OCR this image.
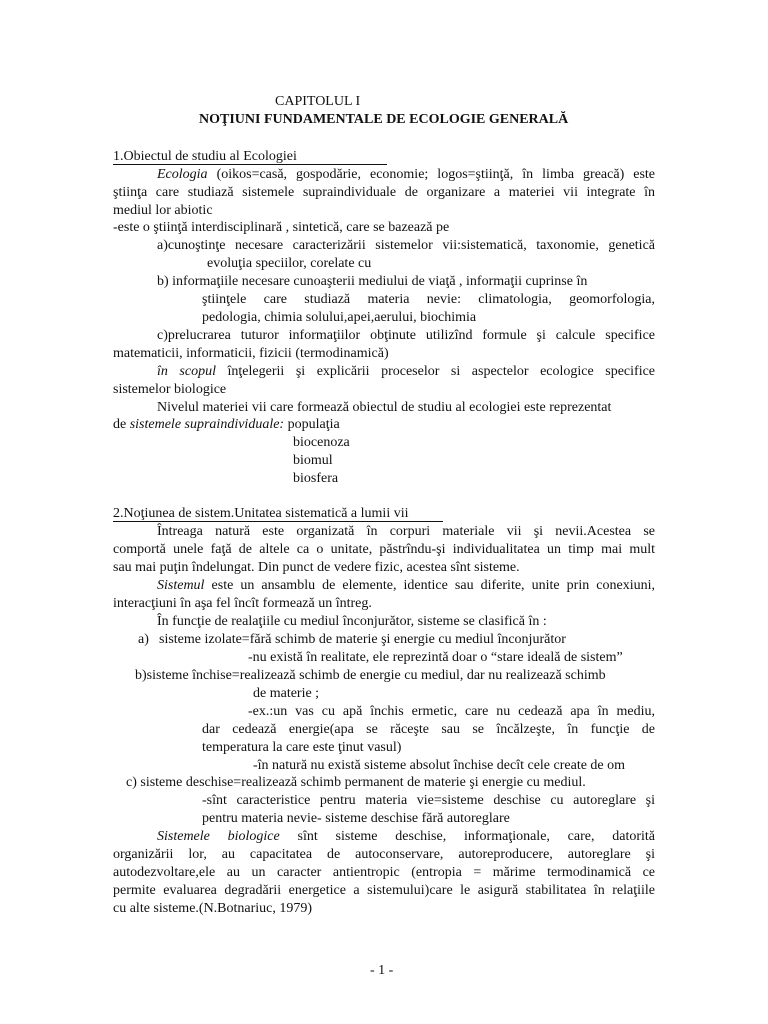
CAPITOLUL I
NOŢIUNI FUNDAMENTALE DE ECOLOGIE GENERALĂ
1.Obiectul de studiu al Ecologiei
Ecologia (oikos=casă, gospodărie, economie; logos=ştiinţă, în limba greacă) este
ştiinţa care studiază sistemele supraindividuale de organizare a materiei vii integrate în
mediul lor abiotic
-este o ştiinţă interdisciplinară , sintetică, care se bazează pe
a)cunoştinţe necesare caracterizării sistemelor vii:sistematică, taxonomie, genetică
evoluţia speciilor, corelate cu
b) informaţiile necesare cunoaşterii mediului de viaţă , informaţii cuprinse în
ştiinţele care studiază materia nevie: climatologia, geomorfologia,
pedologia, chimia solului,apei,aerului, biochimia
c)prelucrarea tuturor informaţiilor obţinute utilizînd formule şi calcule specifice
matematicii, informaticii, fizicii (termodinamică)
în scopul înţelegerii şi explicării proceselor si aspectelor ecologice specifice
sistemelor biologice
Nivelul materiei vii care formează obiectul de studiu al ecologiei este reprezentat
de sistemele supraindividuale: populaţia
biocenoza
biomul
biosfera
2.Noţiunea de sistem.Unitatea sistematică a lumii vii
Întreaga natură este organizată în corpuri materiale vii şi nevii.Acestea se
comportă unele faţă de altele ca o unitate, păstrîndu-şi individualitatea un timp mai mult
sau mai puţin îndelungat. Din punct de vedere fizic, acestea sînt sisteme.
Sistemul este un ansamblu de elemente, identice sau diferite, unite prin conexiuni,
interacţiuni în aşa fel încît formează un întreg.
În funcţie de realaţiile cu mediul înconjurător, sisteme se clasifică în :
a) sisteme izolate=fără schimb de materie şi energie cu mediul înconjurător
-nu există în realitate, ele reprezintă doar o “stare ideală de sistem”
b)sisteme închise=realizează schimb de energie cu mediul, dar nu realizează schimb
de materie ;
-ex.:un vas cu apă închis ermetic, care nu cedează apa în mediu,
dar cedează energie(apa se răceşte sau se încălzeşte, în funcţie de
temperatura la care este ţinut vasul)
-în natură nu există sisteme absolut închise decît cele create de om
c) sisteme deschise=realizează schimb permanent de materie şi energie cu mediul.
-sînt caracteristice pentru materia vie=sisteme deschise cu autoreglare şi
pentru materia nevie- sisteme deschise fără autoreglare
Sistemele biologice sînt sisteme deschise, informaţionale, care, datorită
organizării lor, au capacitatea de autoconservare, autoreproducere, autoreglare şi
autodezvoltare,ele au un caracter antientropic (entropia = mărime termodinamică ce
permite evaluarea degradării energetice a sistemului)care le asigură stabilitatea în relaţiile
cu alte sisteme.(N.Botnariuc, 1979)
- 1 -
